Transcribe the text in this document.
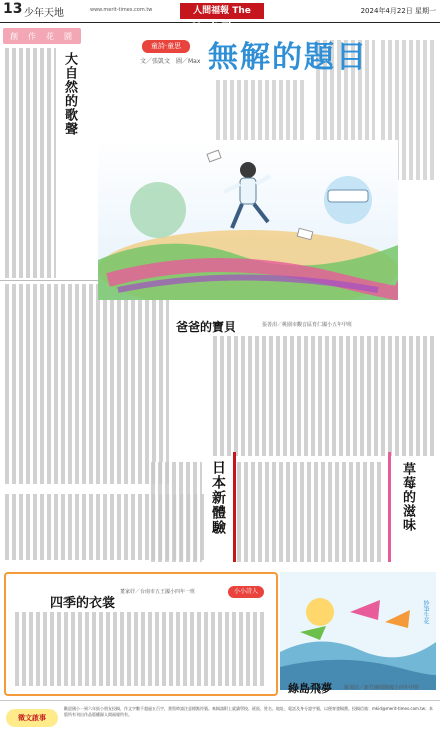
13 少年天地	www.merit-times.com.tw	人間福報 The Merit Times
2024年4月22日 星期一
創	作	花	園
大自然的歌聲
童詩·童思
文／張凱文　圖／Max 無解的題目
爸爸的寶貝	張善涓／桃園市觀音區育仁國小五年甲班
日本新體驗	草莓的滋味
四季的衣裳
董家妤／台南市五王國小四年一班	小小詩人
妙筆生花
綠島飛夢 羅璟渲／新竹縣興隆國小四年甲班
徵文啟事
歡迎國小一到六年級小朋友投稿，作文字數不超過五百字，書寫時請注意標點符號。來稿請附上就讀學校、班級、姓名、地址、電話及身分證字號，以便寄發稿費。投稿信箱：mkid@merit-times.com.tw；本版所有刊出作品版權歸人間福報所有。
